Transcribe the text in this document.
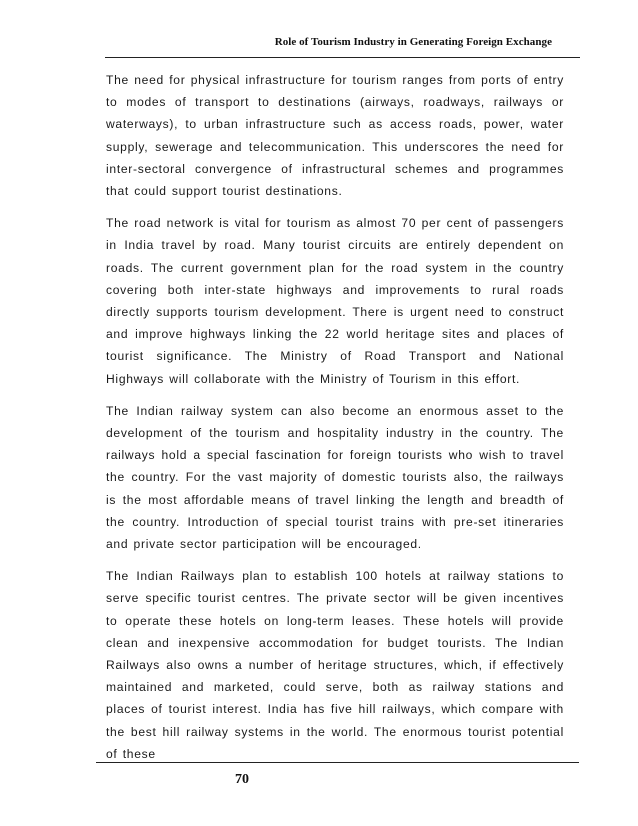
Role of Tourism Industry in Generating Foreign Exchange

The need for physical infrastructure for tourism ranges from ports of entry to modes of transport to destinations (airways, roadways, railways or waterways), to urban infrastructure such as access roads, power, water supply, sewerage and telecommunication. This underscores the need for inter-sectoral convergence of infrastructural schemes and programmes that could support tourist destinations.

The road network is vital for tourism as almost 70 per cent of passengers in India travel by road. Many tourist circuits are entirely dependent on roads. The current government plan for the road system in the country covering both inter-state highways and improvements to rural roads directly supports tourism development. There is urgent need to construct and improve highways linking the 22 world heritage sites and places of tourist significance. The Ministry of Road Transport and National Highways will collaborate with the Ministry of Tourism in this effort.

The Indian railway system can also become an enormous asset to the development of the tourism and hospitality industry in the country. The railways hold a special fascination for foreign tourists who wish to travel the country. For the vast majority of domestic tourists also, the railways is the most affordable means of travel linking the length and breadth of the country. Introduction of special tourist trains with pre-set itineraries and private sector participation will be encouraged.

The Indian Railways plan to establish 100 hotels at railway stations to serve specific tourist centres. The private sector will be given incentives to operate these hotels on long-term leases. These hotels will provide clean and inexpensive accommodation for budget tourists. The Indian Railways also owns a number of heritage structures, which, if effectively maintained and marketed, could serve, both as railway stations and places of tourist interest. India has five hill railways, which compare with the best hill railway systems in the world. The enormous tourist potential of these

70
